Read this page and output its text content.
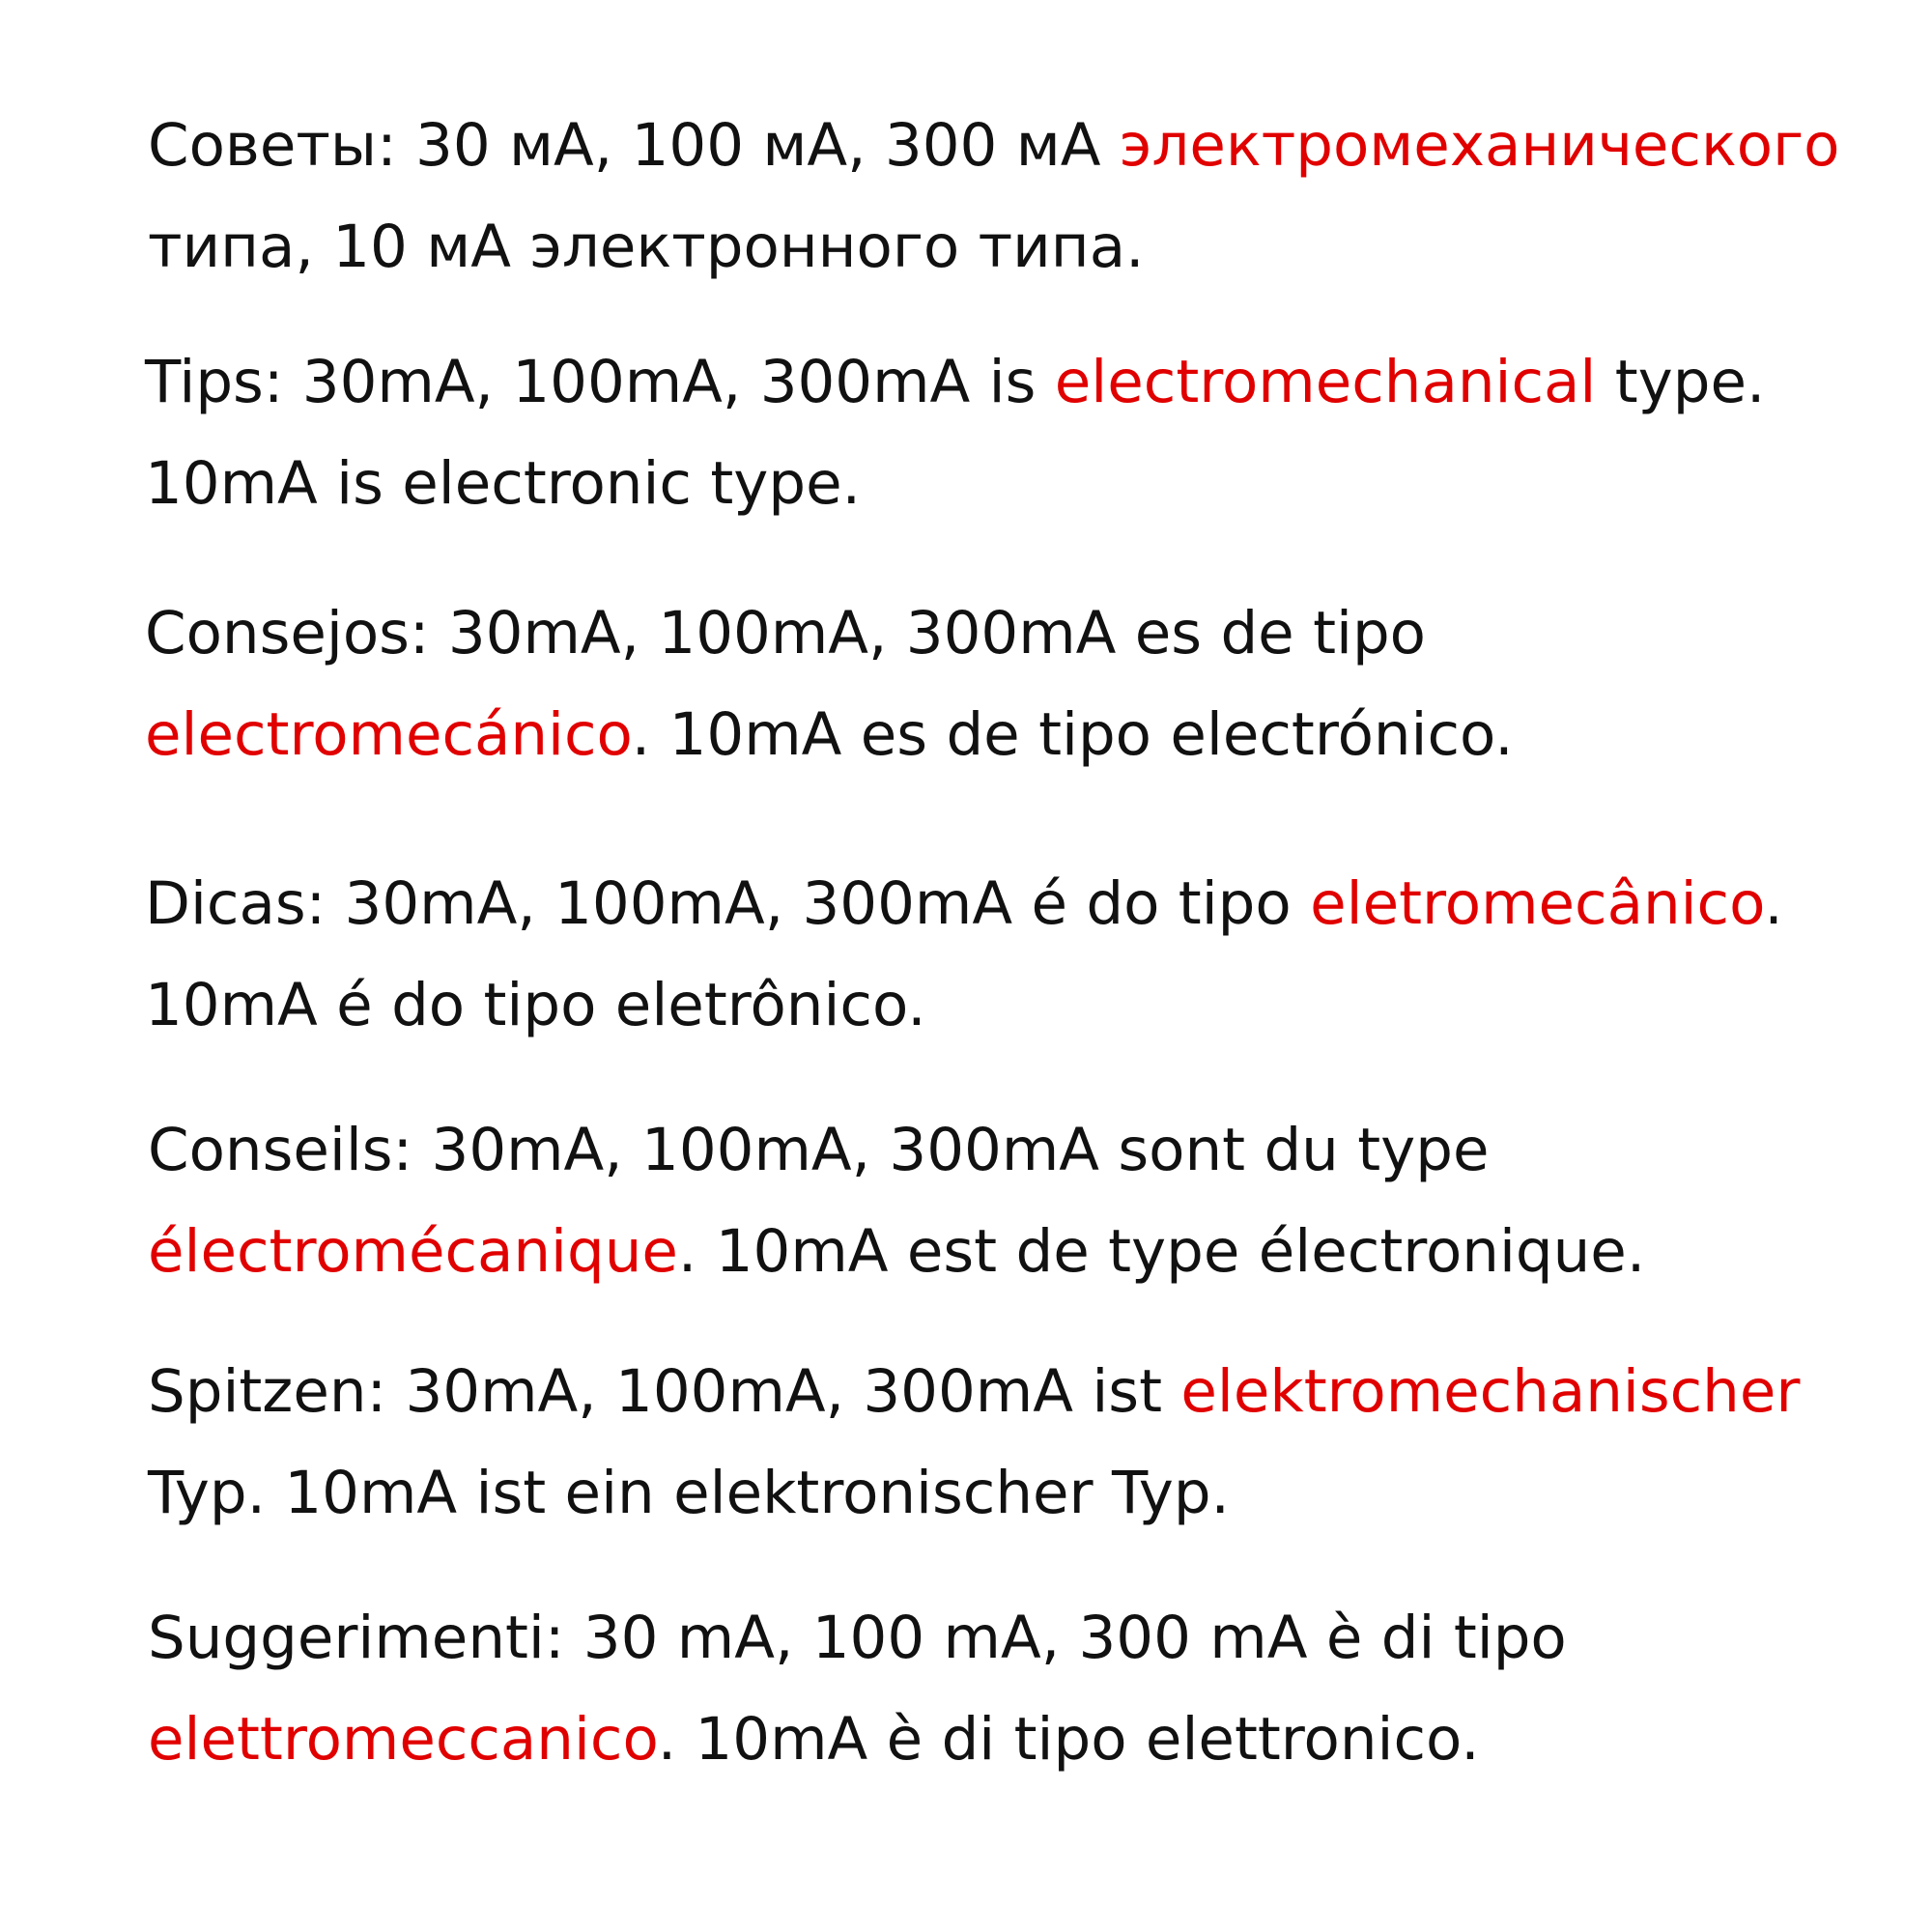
Советы: 30 мА, 100 мА, 300 мА электромеханического
типа, 10 мА электронного типа.
Tips: 30mA, 100mA, 300mA is electromechanical type.
10mA is electronic type.
Consejos: 30mA, 100mA, 300mA es de tipo
electromecánico. 10mA es de tipo electrónico.
Dicas: 30mA, 100mA, 300mA é do tipo eletromecânico.
10mA é do tipo eletrônico.
Conseils: 30mA, 100mA, 300mA sont du type
électromécanique. 10mA est de type électronique.
Spitzen: 30mA, 100mA, 300mA ist elektromechanischer
Typ. 10mA ist ein elektronischer Typ.
Suggerimenti: 30 mA, 100 mA, 300 mA è di tipo
elettromeccanico. 10mA è di tipo elettronico.
